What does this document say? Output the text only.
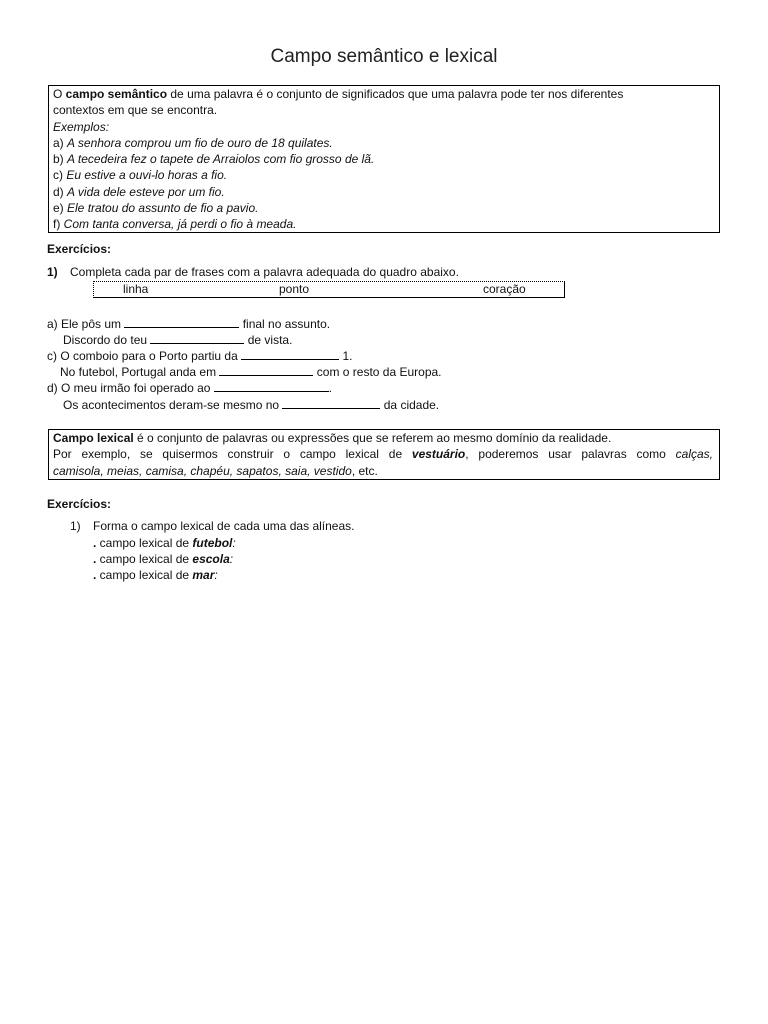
Campo semântico e lexical
O campo semântico de uma palavra é o conjunto de significados que uma palavra pode ter nos diferentes
contextos em que se encontra.
Exemplos:
a) A senhora comprou um fio de ouro de 18 quilates.
b) A tecedeira fez o tapete de Arraiolos com fio grosso de lã.
c) Eu estive a ouvi-lo horas a fio.
d) A vida dele esteve por um fio.
e) Ele tratou do assunto de fio a pavio.
f) Com tanta conversa, já perdi o fio à meada.
Exercícios:
1) Completa cada par de frases com a palavra adequada do quadro abaixo.
linha	ponto	coração
a) Ele pôs um	final no assunto.
Discordo do teu	de vista.
c) O comboio para o Porto partiu da	1.
No futebol, Portugal anda em	com o resto da Europa.
d) O meu irmão foi operado ao	.
Os acontecimentos deram-se mesmo no	da cidade.
Campo lexical é o conjunto de palavras ou expressões que se referem ao mesmo domínio da realidade.
Por exemplo, se quisermos construir o campo lexical de vestuário, poderemos usar palavras como calças,
camisola, meias, camisa, chapéu, sapatos, saia, vestido, etc.
Exercícios:
1) Forma o campo lexical de cada uma das alíneas.
. campo lexical de futebol:
. campo lexical de escola:
. campo lexical de mar:
